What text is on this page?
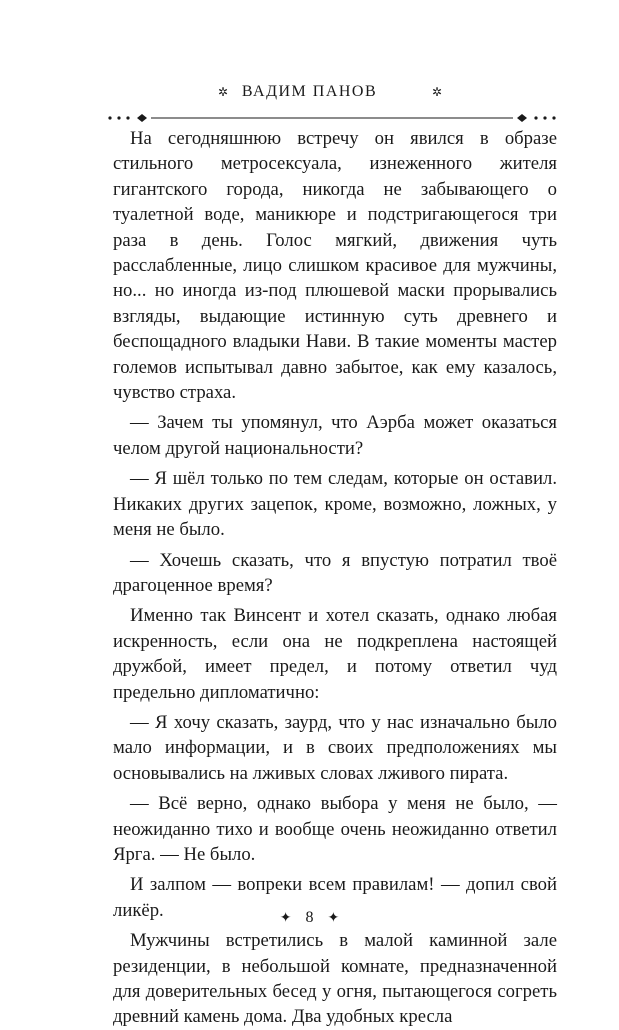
✲ ВАДИМ ПАНОВ	✲

На сегодняшнюю встречу он явился в образе стильного метросексуала, изнеженного жителя гигантского города, никогда не забывающего о туалетной воде, маникюре и подстригающегося три раза в день. Голос мягкий, движения чуть расслабленные, лицо слишком красивое для мужчины, но... но иногда из-под плюшевой маски прорывались взгляды, выдающие истинную суть древнего и беспощадного владыки Нави. В такие моменты мастер големов испытывал давно забытое, как ему казалось, чувство страха.

— Зачем ты упомянул, что Аэрба может оказаться челом другой национальности?

— Я шёл только по тем следам, которые он оставил. Никаких других зацепок, кроме, возможно, ложных, у меня не было.

— Хочешь сказать, что я впустую потратил твоё драгоценное время?

Именно так Винсент и хотел сказать, однако любая искренность, если она не подкреплена настоящей дружбой, имеет предел, и потому ответил чуд предельно дипломатично:

— Я хочу сказать, заурд, что у нас изначально было мало информации, и в своих предположениях мы основывались на лживых словах лживого пирата.

— Всё верно, однако выбора у меня не было, — неожиданно тихо и вообще очень неожиданно ответил Ярга. — Не было.

И залпом — вопреки всем правилам! — допил свой ликёр.

Мужчины встретились в малой каминной зале резиденции, в небольшой комнате, предназначенной для доверительных бесед у огня, пытающегося согреть древний камень дома. Два удобных кресла

✦ 8 ✦
